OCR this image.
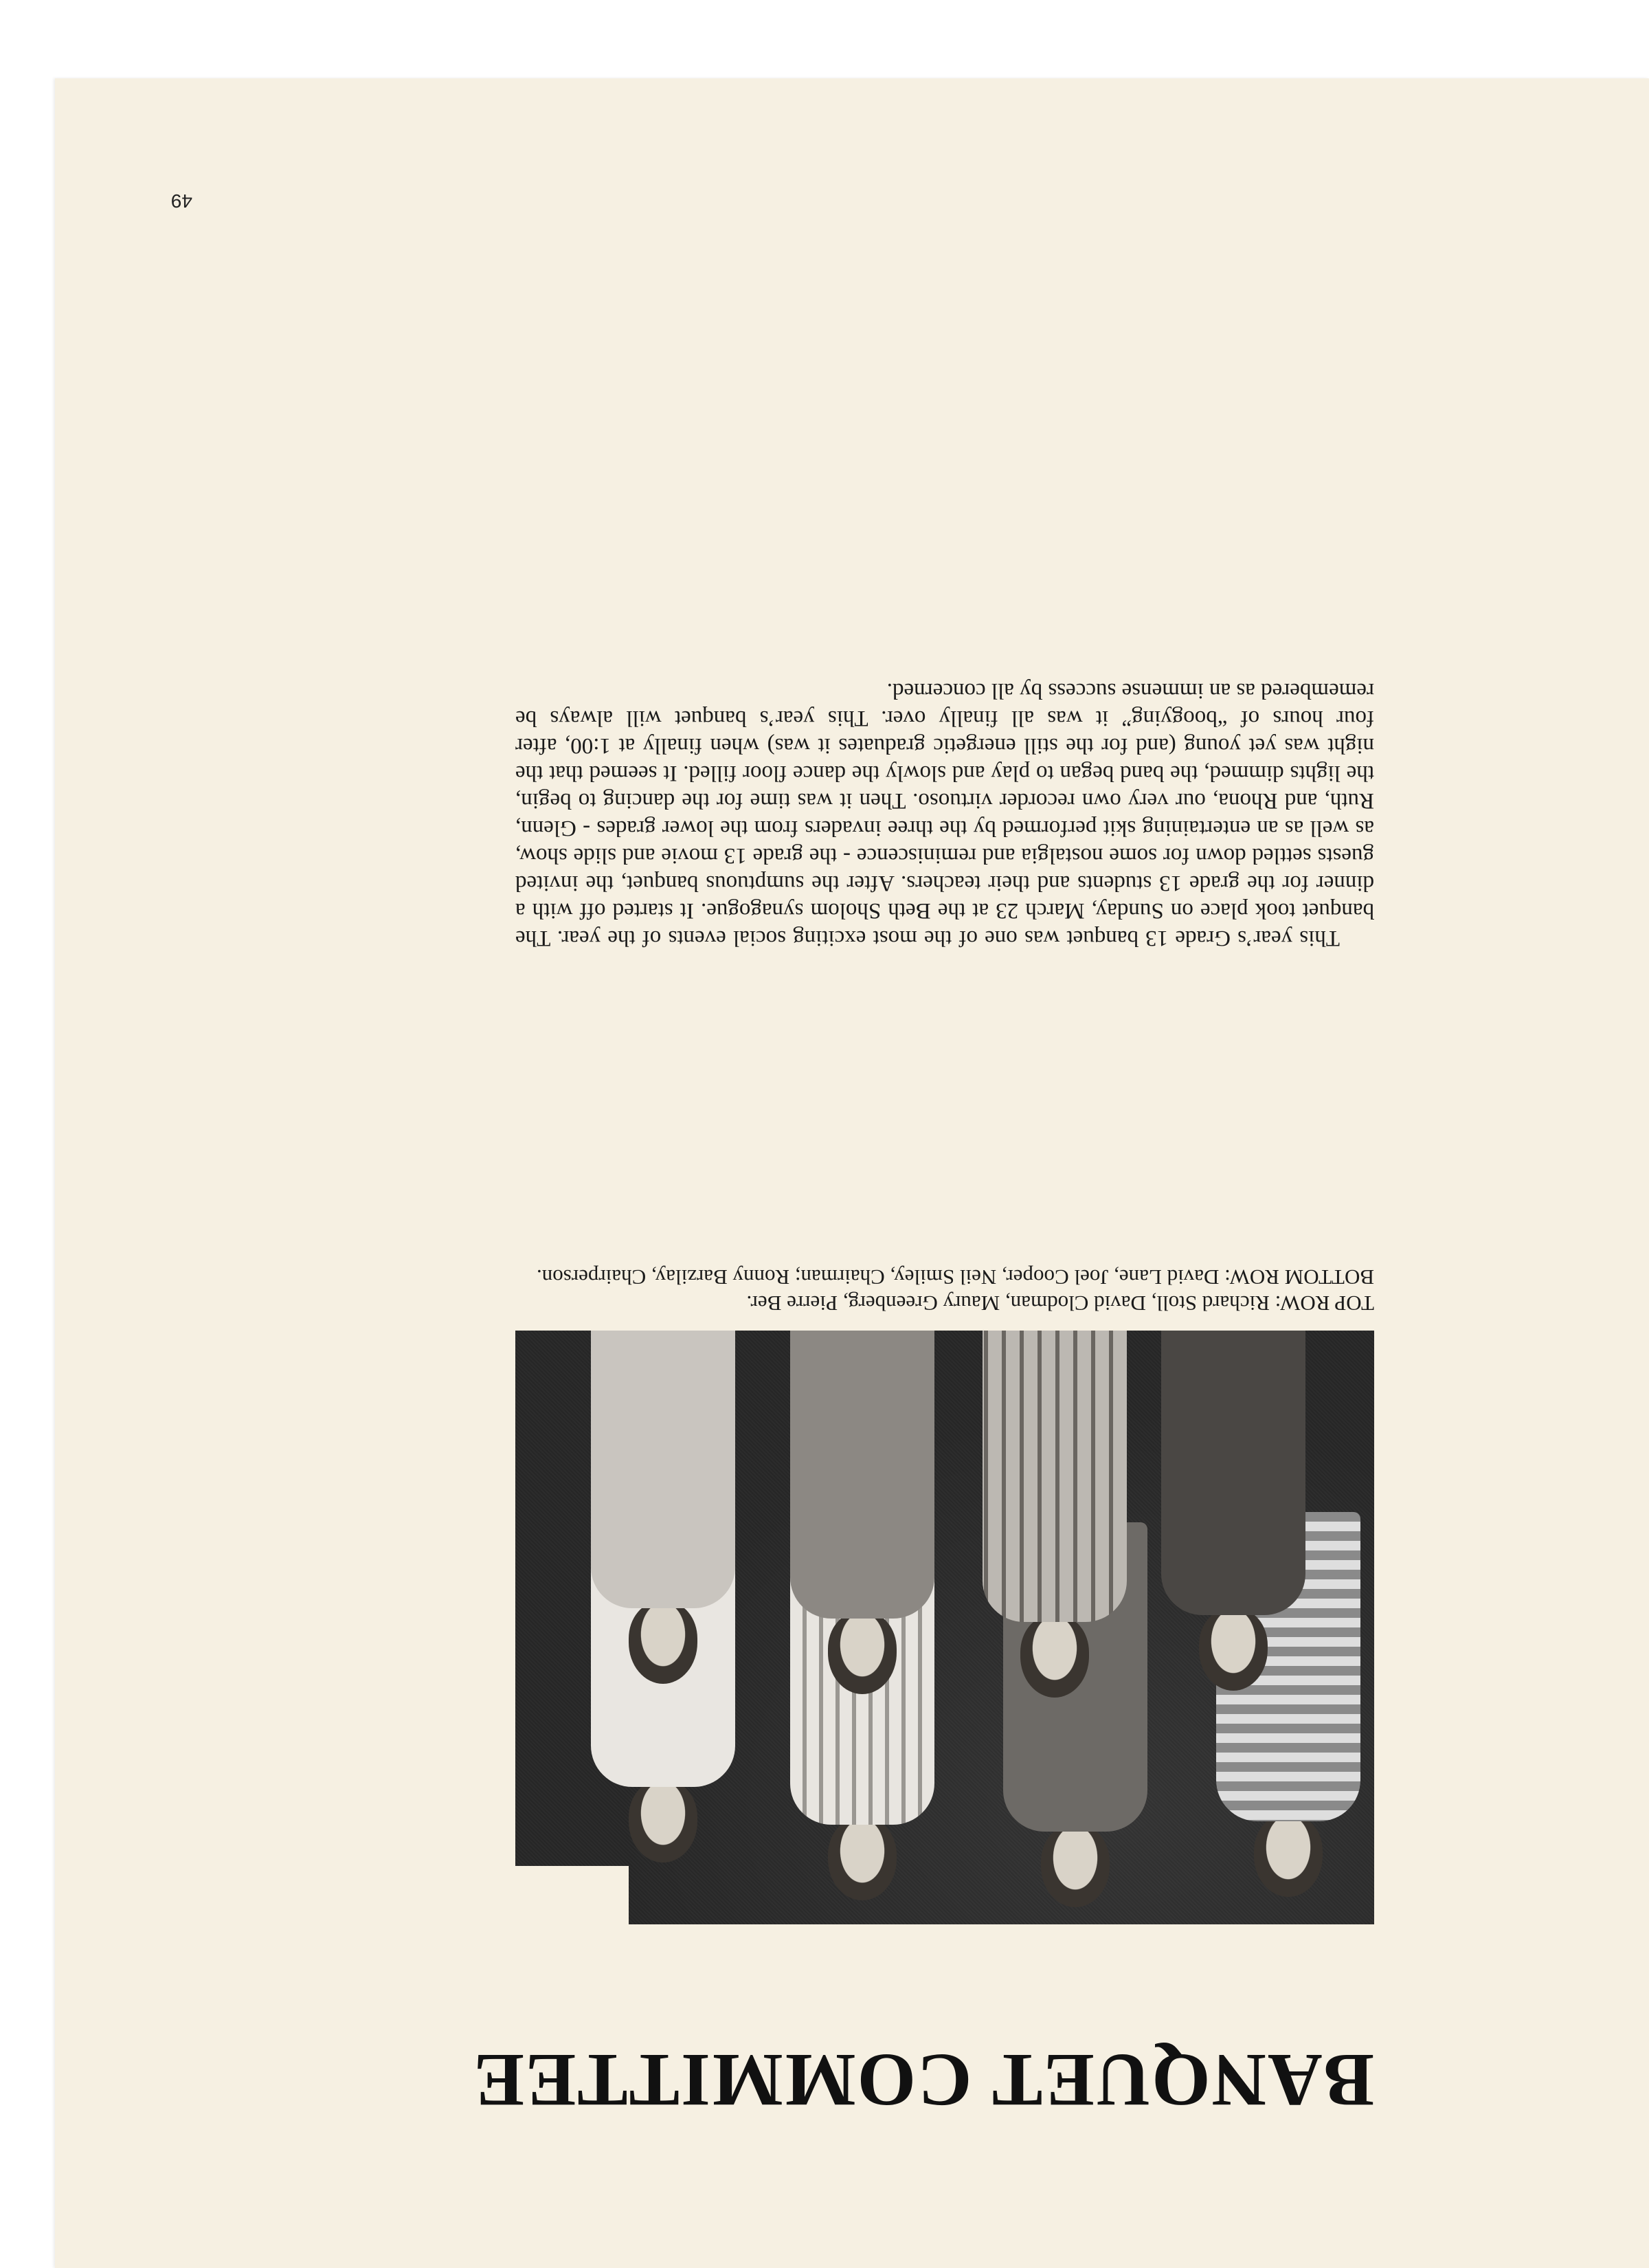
BANQUET COMMITTEE
TOP ROW: Richard Stoll, David Clodman, Maury Greenberg, Pierre Ber.
BOTTOM ROW: David Lane, Joel Cooper, Neil Smiley, Chairman; Ronny Barzilay, Chairperson.

This year’s Grade 13 banquet was one of the most exciting social events of the year. The banquet took place on Sunday, March 23 at the Beth Sholom synagogue. It started off with a dinner for the grade 13 students and their teachers. After the sumptuous banquet, the invited guests settled down for some nostalgia and reminiscence - the grade 13 movie and slide show, as well as an entertaining skit performed by the three invaders from the lower grades - Glenn, Ruth, and Rhona, our very own recorder virtuoso. Then it was time for the dancing to begin, the lights dimmed, the band began to play and slowly the dance floor filled. It seemed that the night was yet young (and for the still energetic graduates it was) when finally at 1:00, after four hours of “boogying” it was all finally over. This year’s banquet will always be remembered as an immense success by all concerned.

49
